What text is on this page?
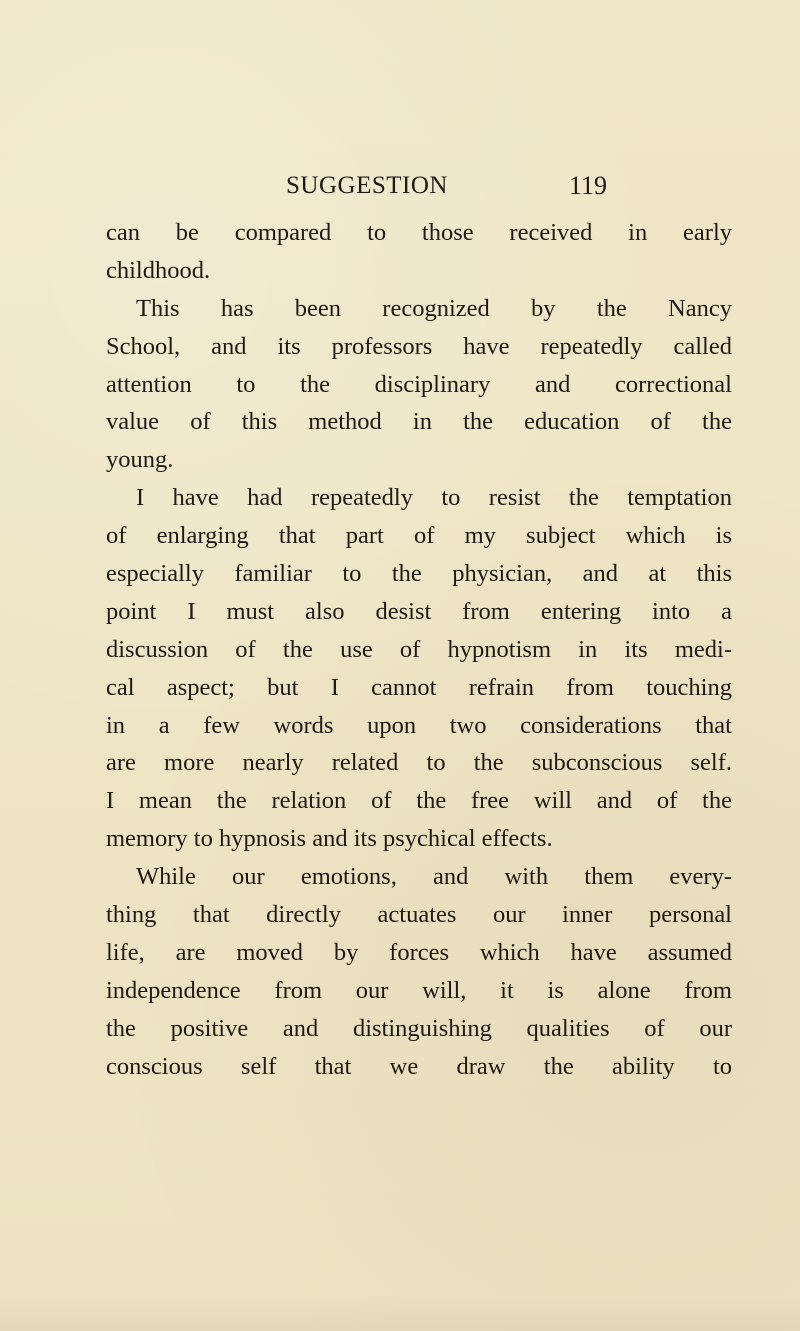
SUGGESTION	119
can be compared to those received in early
childhood.
This has been recognized by the Nancy
School, and its professors have repeatedly called
attention to the disciplinary and correctional
value of this method in the education of the
young.
I have had repeatedly to resist the temptation
of enlarging that part of my subject which is
especially familiar to the physician, and at this
point I must also desist from entering into a
discussion of the use of hypnotism in its medi-
cal aspect; but I cannot refrain from touching
in a few words upon two considerations that
are more nearly related to the subconscious self.
I mean the relation of the free will and of the
memory to hypnosis and its psychical effects.
While our emotions, and with them every-
thing that directly actuates our inner personal
life, are moved by forces which have assumed
independence from our will, it is alone from
the positive and distinguishing qualities of our
conscious self that we draw the ability to
